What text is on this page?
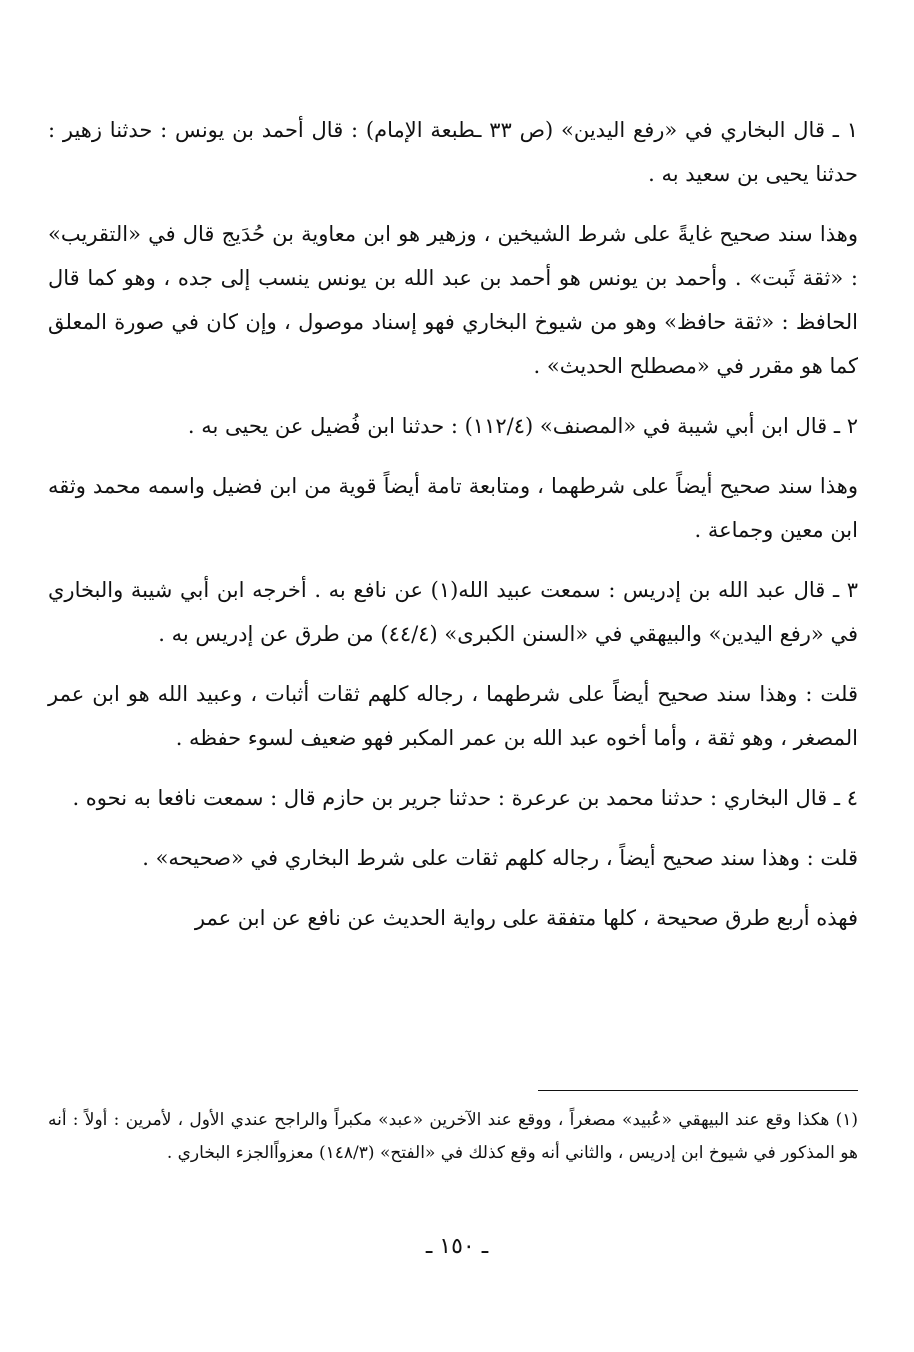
١ ـ قال البخاري في «رفع اليدين» (ص ٣٣ ـطبعة الإمام) : قال أحمد بن يونس : حدثنا زهير : حدثنا يحيى بن سعيد به .

وهذا سند صحيح غايةً على شرط الشيخين ، وزهير هو ابن معاوية بن حُدَيج قال في «التقريب» : «ثقة ثَبت» . وأحمد بن يونس هو أحمد بن عبد الله بن يونس ينسب إلى جده ، وهو كما قال الحافظ : «ثقة حافظ» وهو من شيوخ البخاري فهو إسناد موصول ، وإن كان في صورة المعلق كما هو مقرر في «مصطلح الحديث» .

٢ ـ قال ابن أبي شيبة في «المصنف» (١١٢/٤) : حدثنا ابن فُضيل عن يحيى به .

وهذا سند صحيح أيضاً على شرطهما ، ومتابعة تامة أيضاً قوية من ابن فضيل واسمه محمد وثقه ابن معين وجماعة .

٣ ـ قال عبد الله بن إدريس : سمعت عبيد الله(١) عن نافع به . أخرجه ابن أبي شيبة والبخاري في «رفع اليدين» والبيهقي في «السنن الكبرى» (٤٤/٤) من طرق عن إدريس به .

قلت : وهذا سند صحيح أيضاً على شرطهما ، رجاله كلهم ثقات أثبات ، وعبيد الله هو ابن عمر المصغر ، وهو ثقة ، وأما أخوه عبد الله بن عمر المكبر فهو ضعيف لسوء حفظه .

٤ ـ قال البخاري : حدثنا محمد بن عرعرة : حدثنا جرير بن حازم قال : سمعت نافعا به نحوه .

قلت : وهذا سند صحيح أيضاً ، رجاله كلهم ثقات على شرط البخاري في «صحيحه» .

فهذه أربع طرق صحيحة ، كلها متفقة على رواية الحديث عن نافع عن ابن عمر

(١) هكذا وقع عند البيهقي «عُبيد» مصغراً ، ووقع عند الآخرين «عبد» مكبراً والراجح عندي الأول ، لأمرين : أولاً : أنه هو المذكور في شيوخ ابن إدريس ، والثاني أنه وقع كذلك في «الفتح» (١٤٨/٣) معزواًالجزء البخاري .
ـ ١٥٠ ـ
